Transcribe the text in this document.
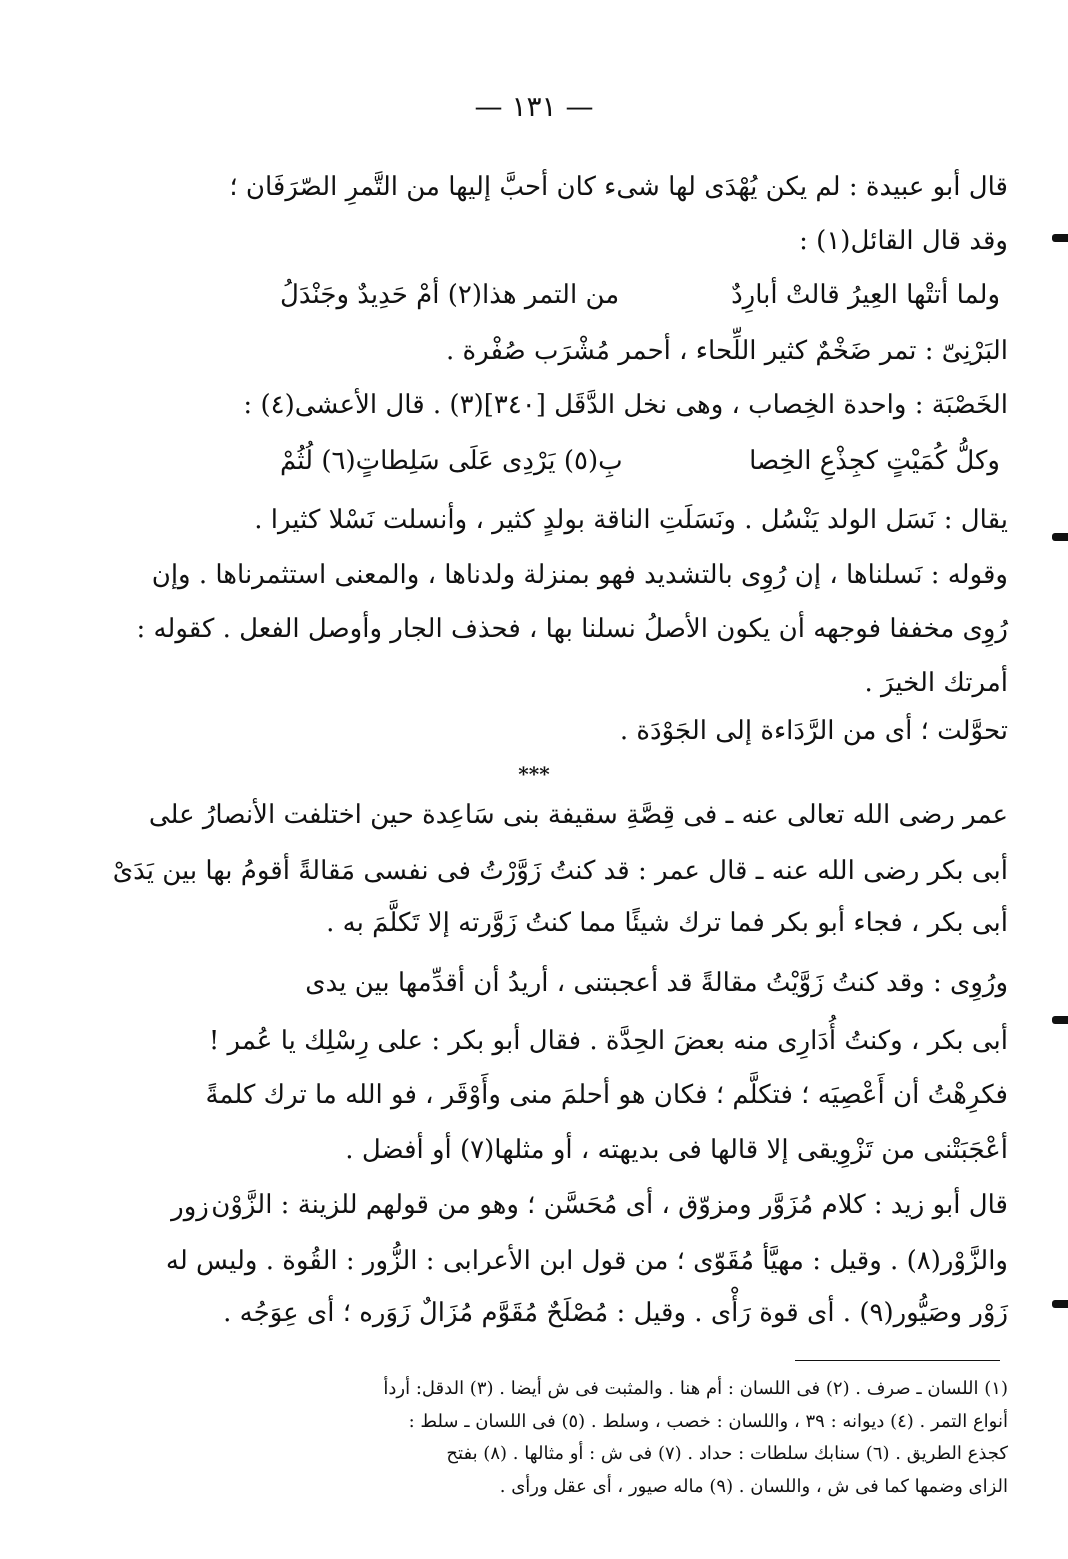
— ١٣١ —
قال أبو عبيدة : لم يكن يُهْدَى لها شىء كان أحبَّ إليها من التَّمرِ الصّرَفَان ؛
وقد قال القائل(١) :
ولما أتتْها العِيرُ قالتْ أبارِدٌ
من التمر هذا(٢) أمْ حَدِيدٌ وجَنْدَلُ
البَرْنِىّ : تمر ضَخْمٌ كثير اللِّحاء ، أحمر مُشْرَب صُفْرة .
الخَصْبَة : واحدة الخِصاب ، وهى نخل الدَّقَل [٣٤٠](٣) . قال الأعشى(٤) :
وكلُّ كُمَيْتٍ كجِذْعِ الخِصا
بِ(٥) يَرْدِى عَلَى سَلِطاتٍ(٦) لُثُمْ
يقال : نَسَل الولد يَنْسُل . ونَسَلَتِ الناقة بولدٍ كثير ، وأنسلت نَسْلا كثيرا .
وقوله : نَسلناها ، إن رُوِى بالتشديد فهو بمنزلة ولدناها ، والمعنى استثمرناها . وإن
رُوِى مخففا فوجهه أن يكون الأصلُ نسلنا بها ، فحذف الجار وأوصل الفعل . كقوله :
أمرتك الخيرَ .
تحوَّلت ؛ أى من الرَّدَاءة إلى الجَوْدَة .
***
عمر رضى الله تعالى عنه ـ فى قِصَّةِ سقيفة بنى سَاعِدة حين اختلفت الأنصارُ على
أبى بكر رضى الله عنه ـ قال عمر : قد كنتُ زَوَّرْتُ فى نفسى مَقالةً أقومُ بها بين يَدَىْ
أبى بكر ، فجاء أبو بكر فما ترك شيئًا مما كنتُ زَوَّرته إلا تَكلَّمَ به .
ورُوِى : وقد كنتُ زَوَّيْتُ مقالةً قد أعجبتنى ، أريدُ أن أقدِّمها بين يدى
أبى بكر ، وكنتُ أُدَارِى منه بعضَ الحِدَّة . فقال أبو بكر : على رِسْلِك يا عُمر !
فكرِهْتُ أن أَعْصِيَه ؛ فتكلَّم ؛ فكان هو أحلمَ منى وأَوْقَر ، فو الله ما ترك كلمةً
أعْجَبَتْنى من تَزْوِيقى إلا قالها فى بديهته ، أو مثلها(٧) أو أفضل .
قال أبو زيد : كلام مُزَوَّر ومزوّق ، أى مُحَسَّن ؛ وهو من قولهم للزينة : الزَّوْن
والزَّوْر(٨) . وقيل : مهيَّأ مُقَوّى ؛ من قول ابن الأعرابى : الزُّور : القُوة . وليس له
زَوْر وصَيُّور(٩) . أى قوة رَأْى . وقيل : مُصْلَحٌ مُقَوَّم مُزَالٌ زَوَره ؛ أى عِوَجُه .
زور
(١) اللسان ـ صرف . (٢) فى اللسان : أم هنا . والمثبت فى ش أيضا . (٣) الدقل: أردأ
أنواع التمر . (٤) ديوانه : ٣٩ ، واللسان : خصب ، وسلط . (٥) فى اللسان ـ سلط :
كجذع الطريق . (٦) سنابك سلطات : حداد . (٧) فى ش : أو مثالها . (٨) بفتح
الزاى وضمها كما فى ش ، واللسان . (٩) ماله صيور ، أى عقل ورأى .
